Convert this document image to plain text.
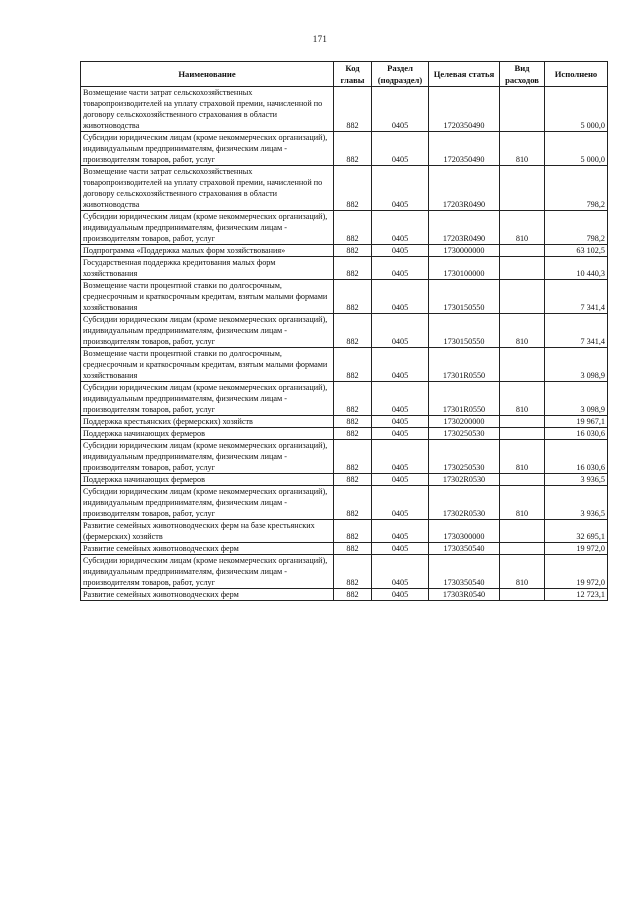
171
Наименование	Код главы	Раздел (подраздел)	Целевая статья	Вид расходов	Исполнено
Возмещение части затрат сельскохозяйственных товаропроизводителей на уплату страховой премии, начисленной по договору сельскохозяйственного страхования в области животноводства	882	0405	1720350490		5 000,0
Субсидии юридическим лицам (кроме некоммерческих организаций), индивидуальным предпринимателям, физическим лицам - производителям товаров, работ, услуг	882	0405	1720350490	810	5 000,0
Возмещение части затрат сельскохозяйственных товаропроизводителей на уплату страховой премии, начисленной по договору сельскохозяйственного страхования в области животноводства	882	0405	17203R0490		798,2
Субсидии юридическим лицам (кроме некоммерческих организаций), индивидуальным предпринимателям, физическим лицам - производителям товаров, работ, услуг	882	0405	17203R0490	810	798,2
Подпрограмма «Поддержка малых форм хозяйствования»	882	0405	1730000000		63 102,5
Государственная поддержка кредитования малых форм хозяйствования	882	0405	1730100000		10 440,3
Возмещение части процентной ставки по долгосрочным, среднесрочным и краткосрочным кредитам, взятым малыми формами хозяйствования	882	0405	1730150550		7 341,4
Субсидии юридическим лицам (кроме некоммерческих организаций), индивидуальным предпринимателям, физическим лицам - производителям товаров, работ, услуг	882	0405	1730150550	810	7 341,4
Возмещение части процентной ставки по долгосрочным, среднесрочным и краткосрочным кредитам, взятым малыми формами хозяйствования	882	0405	17301R0550		3 098,9
Субсидии юридическим лицам (кроме некоммерческих организаций), индивидуальным предпринимателям, физическим лицам - производителям товаров, работ, услуг	882	0405	17301R0550	810	3 098,9
Поддержка крестьянских (фермерских) хозяйств	882	0405	1730200000		19 967,1
Поддержка начинающих фермеров	882	0405	1730250530		16 030,6
Субсидии юридическим лицам (кроме некоммерческих организаций), индивидуальным предпринимателям, физическим лицам - производителям товаров, работ, услуг	882	0405	1730250530	810	16 030,6
Поддержка начинающих фермеров	882	0405	17302R0530		3 936,5
Субсидии юридическим лицам (кроме некоммерческих организаций), индивидуальным предпринимателям, физическим лицам - производителям товаров, работ, услуг	882	0405	17302R0530	810	3 936,5
Развитие семейных животноводческих ферм на базе крестьянских (фермерских) хозяйств	882	0405	1730300000		32 695,1
Развитие семейных животноводческих ферм	882	0405	1730350540		19 972,0
Субсидии юридическим лицам (кроме некоммерческих организаций), индивидуальным предпринимателям, физическим лицам - производителям товаров, работ, услуг	882	0405	1730350540	810	19 972,0
Развитие семейных животноводческих ферм	882	0405	17303R0540		12 723,1
